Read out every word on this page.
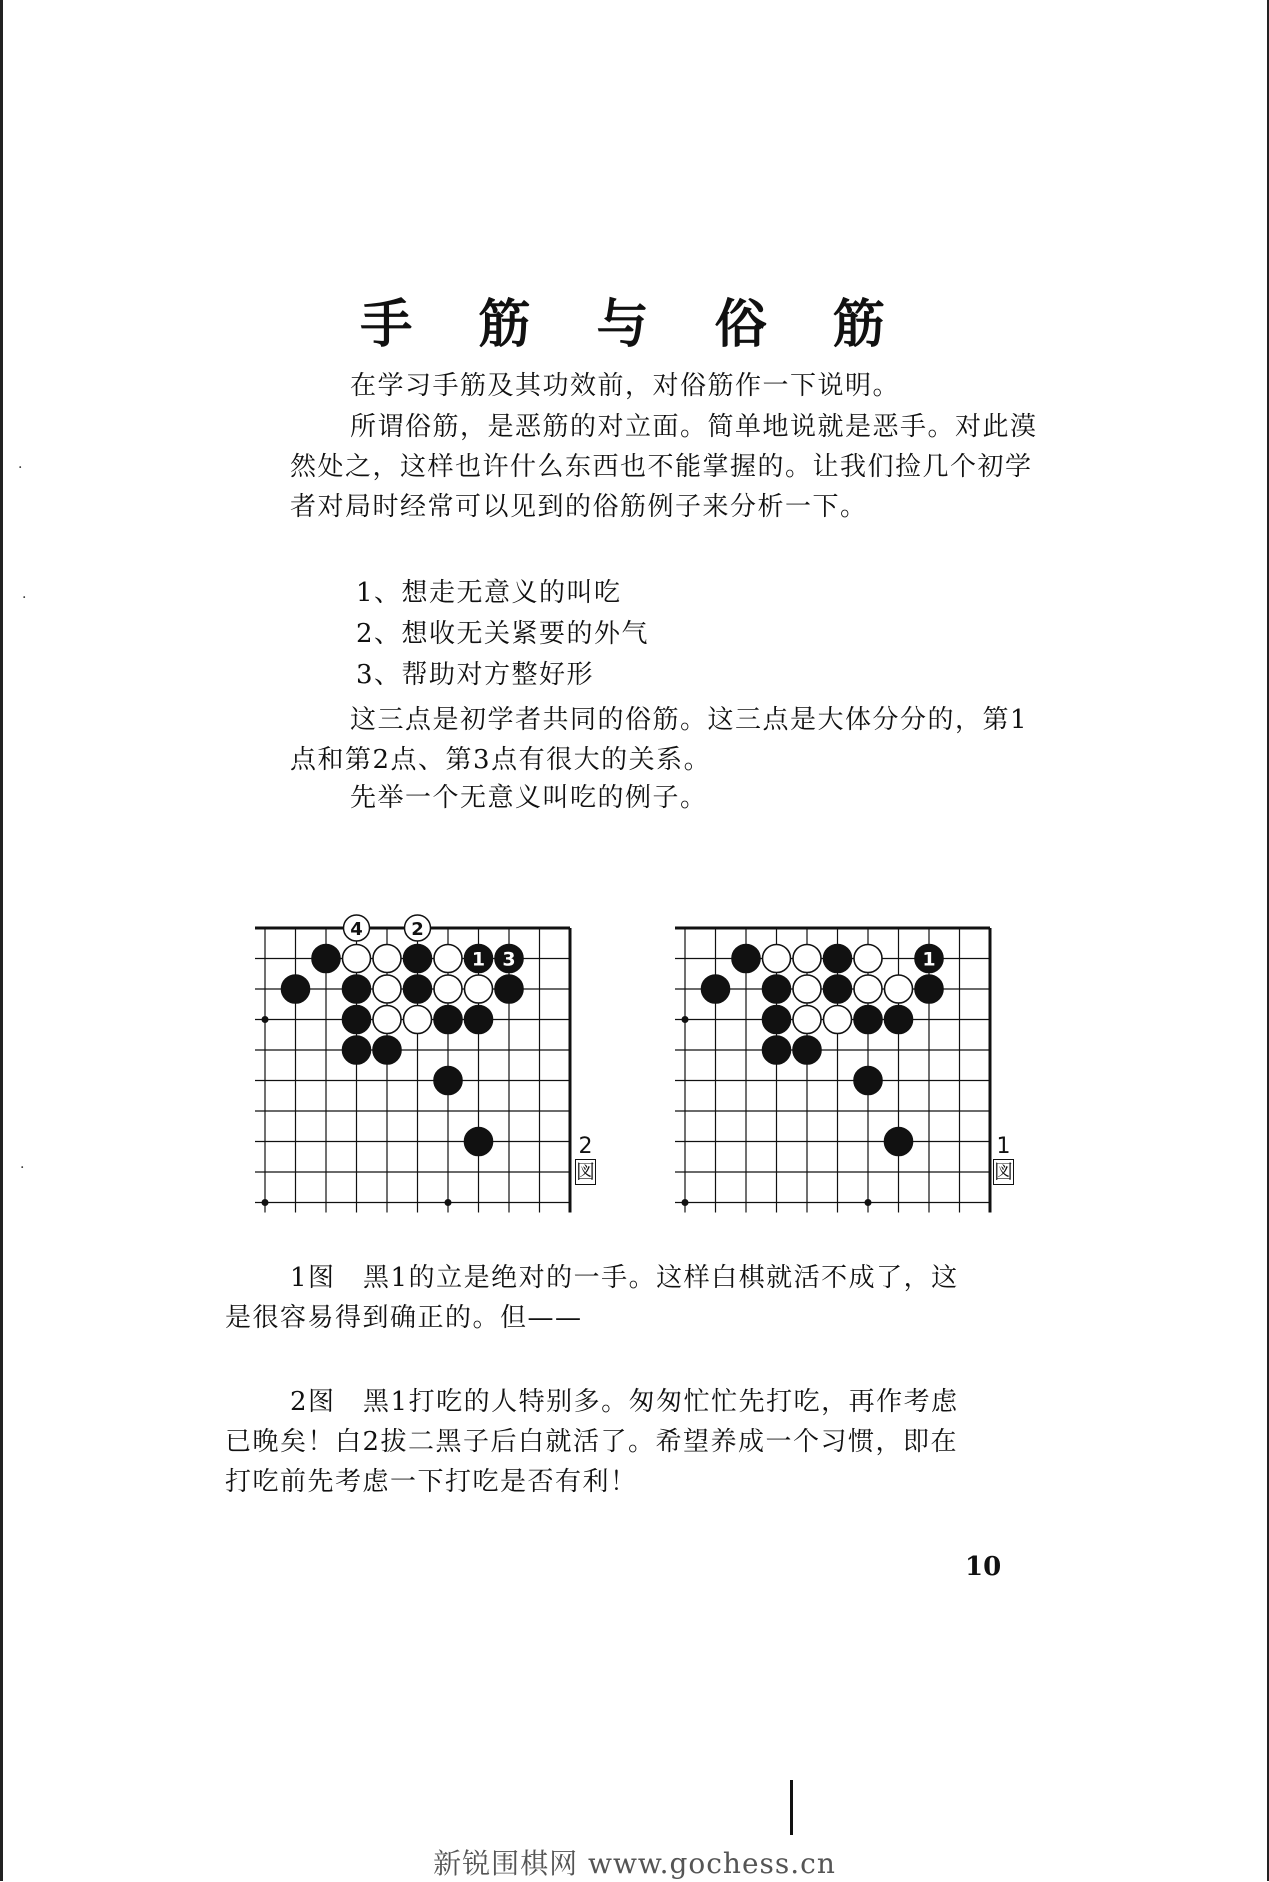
手 筋 与 俗 筋
在学习手筋及其功效前，对俗筋作一下说明。
所谓俗筋，是恶筋的对立面。简单地说就是恶手。对此漠然处之，这样也许什么东西也不能掌握的。让我们捡几个初学者对局时经常可以见到的俗筋例子来分析一下。
1、想走无意义的叫吃
2、想收无关紧要的外气
3、帮助对方整好形
这三点是初学者共同的俗筋。这三点是大体分分的，第1点和第2点、第3点有很大的关系。
先举一个无意义叫吃的例子。
4	2
1 3
2
図
1
1
図
1图　黑1的立是绝对的一手。这样白棋就活不成了，这是很容易得到确正的。但——
2图　黑1打吃的人特别多。匆匆忙忙先打吃，再作考虑已晚矣！白2拔二黑子后白就活了。希望养成一个习惯，即在打吃前先考虑一下打吃是否有利！
10
·
·
·
新锐围棋网 www.gochess.cn
